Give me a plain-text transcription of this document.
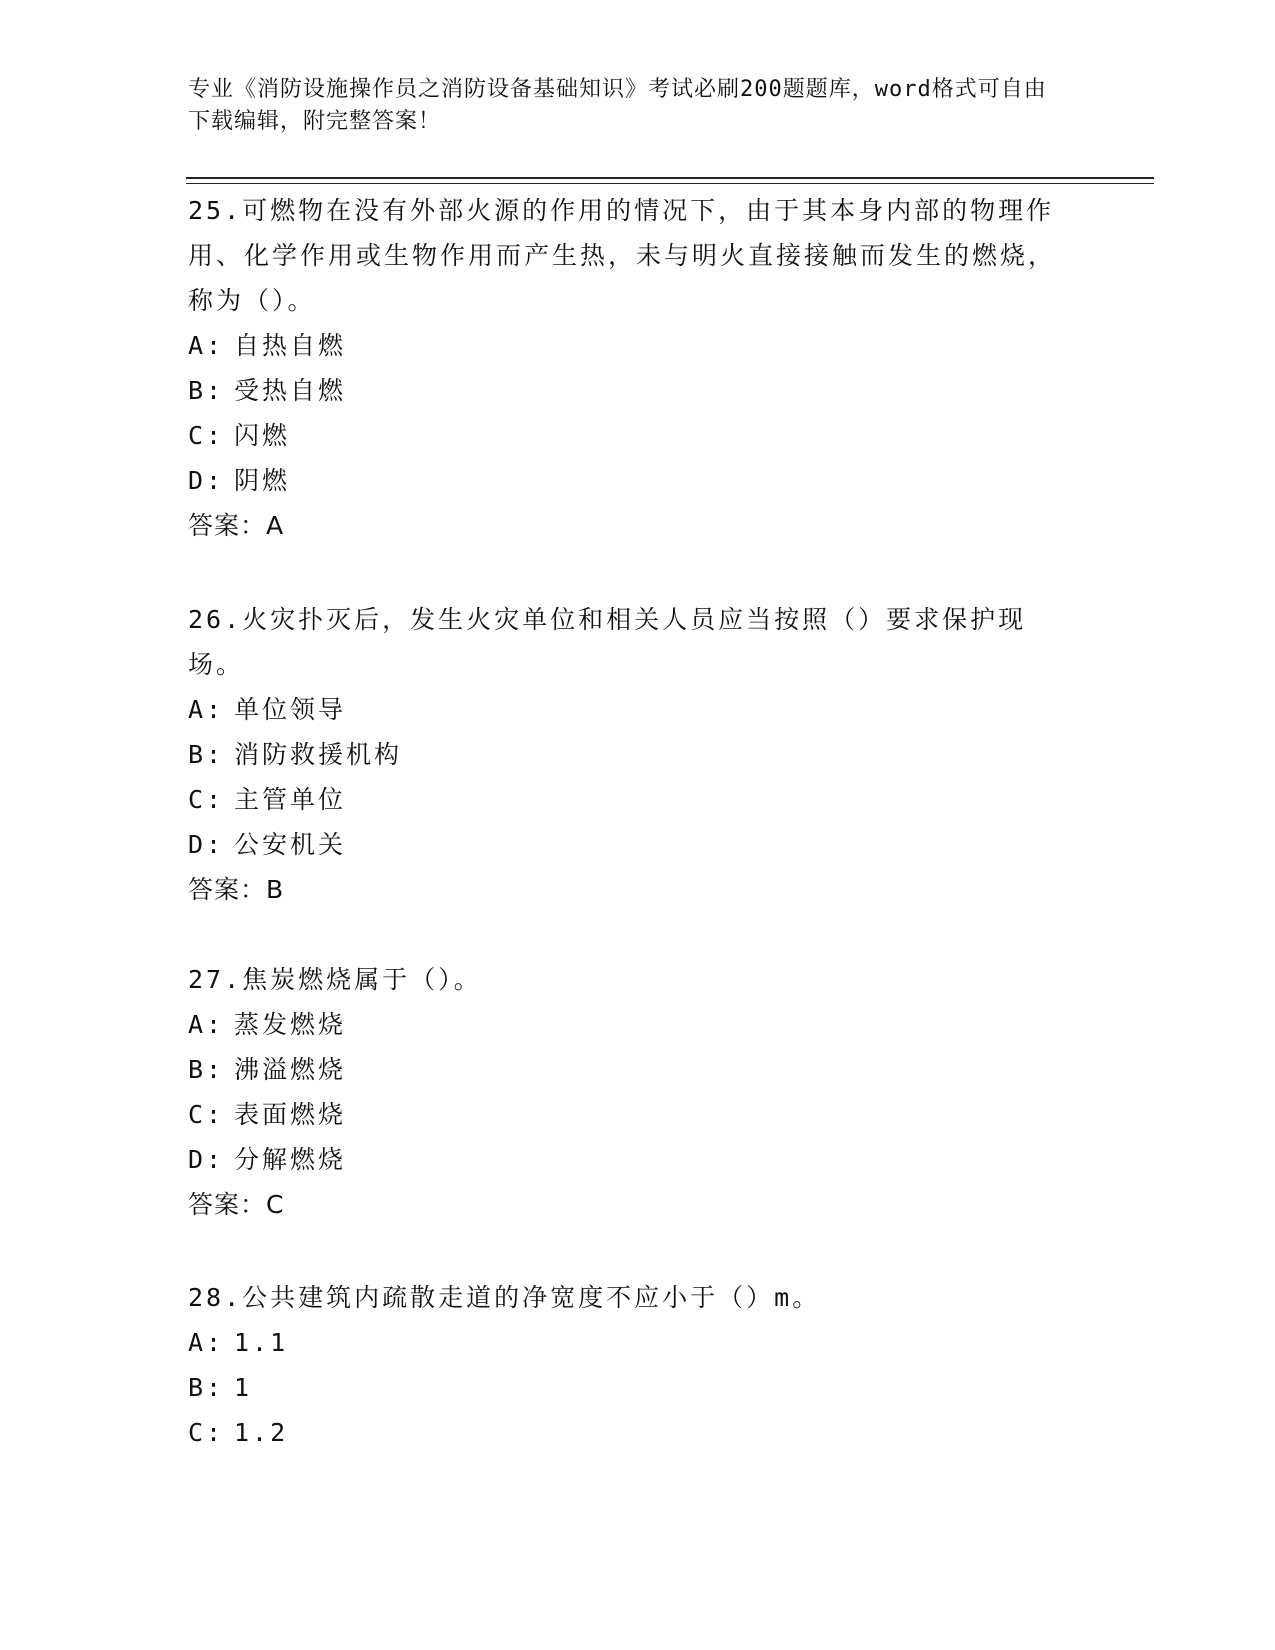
专业《消防设施操作员之消防设备基础知识》考试必刷200题题库，word格式可自由下载编辑，附完整答案！

25.可燃物在没有外部火源的作用的情况下，由于其本身内部的物理作用、化学作用或生物作用而产生热，未与明火直接接触而发生的燃烧，称为（）。

A: 自热自燃
B: 受热自燃
C: 闪燃
D: 阴燃
答案：A

26.火灾扑灭后，发生火灾单位和相关人员应当按照（）要求保护现场。

A: 单位领导
B: 消防救援机构
C: 主管单位
D: 公安机关
答案：B

27.焦炭燃烧属于（）。

A: 蒸发燃烧
B: 沸溢燃烧
C: 表面燃烧
D: 分解燃烧
答案：C

28.公共建筑内疏散走道的净宽度不应小于（）m。

A: 1.1
B: 1
C: 1.2
